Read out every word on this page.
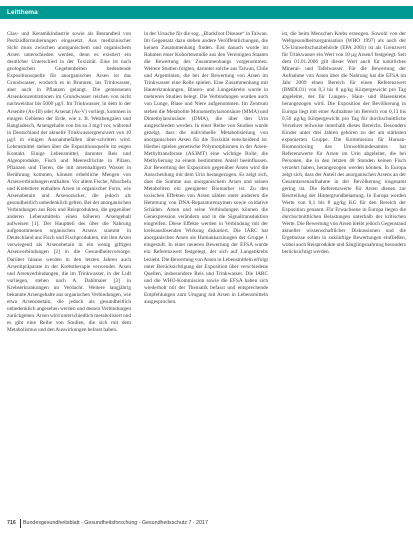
Leitthema

Glas- und Keramikindustrie sowie als Bestandteil von Pestizidformulierungen eingesetzt. Aus medizinischer Sicht muss zwischen anorganischem und organischem Arsen unterschieden werden, denn es existiert ein deutlicher Unterschied in der Toxizität. Eine ist nach geologischen Gegebenheiten bedeutende Expositionsquelle für anorganisches Arsen ist das Grundwasser, wodurch es in Brunnen, ins Trinkwasser, aber auch in Pflanzen gelangt. Die gemessenen Arsenkonzentrationen im Grundwasser reichen von nicht nachweisbar bis 5000 µg/l. Im Trinkwasser, in dem in der Arsenite (As-III) oder Arsenat (As-V) vorliegt, kommen in einigen Gebieten der Erde, wie z. B. Westbengalen und Bangladesch, Arsengehalte von bis zu 3 mg/l vor, während in Deutschland der aktuelle Trinkwassergrenzwert von 10 µg/l in einigen Ausnahmefällen über-schritten wird. Lebensmittel stehen über die Expositionsquelle im engen Kontakt. Einige Lebensmittel, darunter Reis und Algenprodukte, Fisch und Meeresfrüchte in Pilzen, Pflanzen und Tieren, die mit arsenhaltigem Wasser in Berührung kommen, können erhebliche Mengen von Arsenverbindungen enthalten. Vor allem Fische, Muscheln und Krebstiere enthalten Arsen in organischer Form, wie Arsenobetain und Arsenozucker, die jedoch als gesundheitlich unbedenklich gelten. Bei der anorganischen Verbindungen aus Reis und Reisprodukten, die gegenüber anderen Lebensmitteln einen höheren Arsengehalt aufweisen [1]. Der Hauptteil des über die Nahrung aufgenommenen organischen Arsens stammt in Deutschland aus Fisch und Fischprodukten, mit ihm Arsen vorwiegend als Arsenobetain in ein wenig giftigen Arsenverbindungen [2] in die Gesundheitsvorsorge. Darüber hinaus werden in den letzten Jahren auch Arsenitpräparate in der Krebstherapie verwendet. Arsen und Arsenverbindungen, die im Trinkwasser, in der Luft vorliegen, stehen nach A. Dahlmaier [3] in Krebserkrankungen im Verdacht. Weitere langjährig bekannte Arsengehalte aus organischen Verbindungen, wie etwa Arsenobetain, die jedoch als gesundheitlich unbedenklich angesehen werden und dessen Verbindungen zurückgehen. Arsen wird unterschiedlich metabolisiert und es gibt eine Reihe von Studien, die sich mit dem Metabolismus und den Auswirkungen befasst haben.

in der Ursache für die sog. „Blackfoot Disease“ in Taiwan. Im Gegensatz dazu stehen andere Veröffentlichungen, die keinen Zusammenhang finden. Erst danach wurde im Rahmen einer Kohortenstudie aus den Vereinigten Staaten die Bewertung des Zusammenhangs vorgenommen. Weitere Studien folgten, darunter solche aus Taiwan, Chile und Argentinien, die bei der Bewertung von Arsen im Trinkwasser eine Rolle spielen. Eine Zusammenhang mit Hauterkrankungen, Blasen- und Lungenkrebs wurde in mehreren Studien belegt. Die Verbindungen wurden auch von Lunge, Blase und Niere aufgenommen. Im Zentrum stehen die Metabolite Monomethylarsonsäure (MMA) und Dimethylarsinsäure (DMA), die über den Urin ausgeschieden werden. In einer Reihe von Studien wurde gezeigt, dass die individuelle Metabolisierung von anorganischem Arsen für die Toxizität entscheidend ist. Hierbei spielen genetische Polymorphismen in der Arsen-Methyltransferase (AS3MT) eine wichtige Rolle, die Methylierung zu einem bestimmten Anteil beeinflussen. Zur Bewertung der Exposition gegenüber Arsen wird die Ausscheidung mit dem Urin herangezogen. Es zeigt sich, dass die Summe aus anorganischem Arsen und seinen Metaboliten ein geeigneter Biomarker ist. Zu den toxischen Effekten von Arsen zählen unter anderem die Hemmung von DNA-Reparaturenzymen sowie oxidative Schäden. Arsen und seine Verbindungen können die Genexpression verändern und in die Signaltransduktion eingreifen. Diese Effekte werden in Verbindung mit der krebsauslösenden Wirkung diskutiert. Die IARC hat anorganisches Arsen als Humankarzinogen der Gruppe 1 eingestuft. In einer neueren Bewertung der EFSA wurde ein Referenzwert festgelegt, der sich auf Lungenkrebs bezieht. Die Bewertung von Arsen in Lebensmitteln erfolgt unter Berücksichtigung der Exposition über verschiedene Quellen, insbesondere Reis und Trinkwasser. Die IARC und die WHO-Kommission sowie die EFSA haben sich wiederholt mit der Thematik befasst und entsprechende Empfehlungen zum Umgang mit Arsen in Lebensmitteln ausgesprochen.

ist, die beim Menschen Krebs erzeugen. Sowohl von der Weltgesundheitsorganisation (WHO 1997) als auch der US-Umweltschutzbehörde (EPA 2001) ist als Grenzwert für Trinkwasser ein Wert von 10 µg Arsen/l festgelegt. Seit dem 01.01.2006 gilt dieser Wert auch für natürliches Mineral- und Tafelwasser. Für die Bewertung der Aufnahme von Arsen über die Nahrung hat die EFSA im Jahr 2009 einen Bereich für einen Referenzwert (BMDL01) von 0,3 bis 8 µg/kg Körpergewicht pro Tag abgeleitet, der für Lungen-, Haut- und Blasenkrebs herangezogen wird. Die Exposition der Bevölkerung in Europa liegt mit einer Aufnahme im Bereich von 0,13 bis 0,56 µg/kg Körpergewicht pro Tag für durchschnittliche Verzehrer teilweise innerhalb dieses Bereichs. Besonders Kinder unter drei Jahren gehören zu der am stärksten exponierten Gruppe. Die Kommission für Human-Biomonitoring des Umweltbundesamtes hat Referenzwerte für Arsen im Urin abgeleitet, die bei Personen, die in den letzten 48 Stunden keinen Fisch verzehrt haben, herangezogen werden können. In Europa zeigt sich, dass der Anteil des anorganischen Arsens an der Gesamtarsenaufnahme in der Bevölkerung insgesamt gering ist. Die Referenzwerte für Arsen dienen zur Beurteilung der Hintergrundbelastung. In Europa werden Werte von 0,1 bis 8 µg/kg KG für den Bereich der Exposition genannt. Für Erwachsene in Europa liegen die durchschnittlichen Belastungen unterhalb der kritischen Werte. Die Bewertung von Arsen bleibt jedoch Gegenstand aktueller wissenschaftlicher Diskussionen und die Ergebnisse sollen in zukünftige Bewertungen einfließen, wobei auch Reisprodukte und Säuglingsnahrung besonders berücksichtigt werden.

716 Bundesgesundheitsblatt - Gesundheitsforschung - Gesundheitsschutz 7 · 2017
